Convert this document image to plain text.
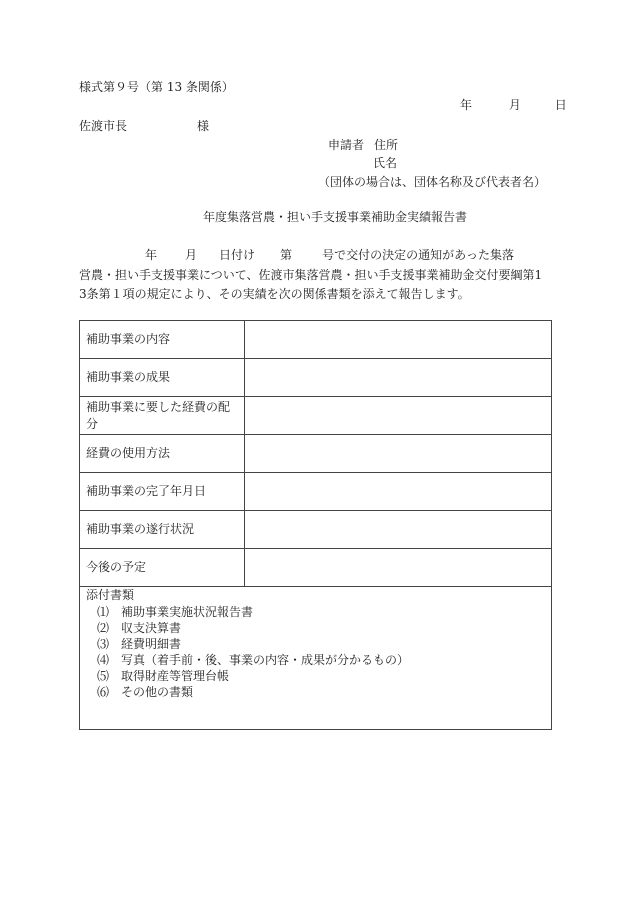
様式第９号（第 13 条関係）
年	月	日
佐渡市長	様
申請者 住所
氏名
（団体の場合は、団体名称及び代表者名）
年度集落営農・担い手支援事業補助金実績報告書
年 月 日付け 第	号で交付の決定の通知があった集落
営農・担い手支援事業について、佐渡市集落営農・担い手支援事業補助金交付要綱第1
3条第１項の規定により、その実績を次の関係書類を添えて報告します。
補助事業の内容	
補助事業の成果	
補助事業に要した経費の配分	
経費の使用方法	
補助事業の完了年月日	
補助事業の遂行状況	
今後の予定	
添付書類
⑴ 補助事業実施状況報告書
⑵ 収支決算書
⑶ 経費明細書
⑷ 写真（着手前・後、事業の内容・成果が分かるもの）
⑸ 取得財産等管理台帳
⑹ その他の書類
